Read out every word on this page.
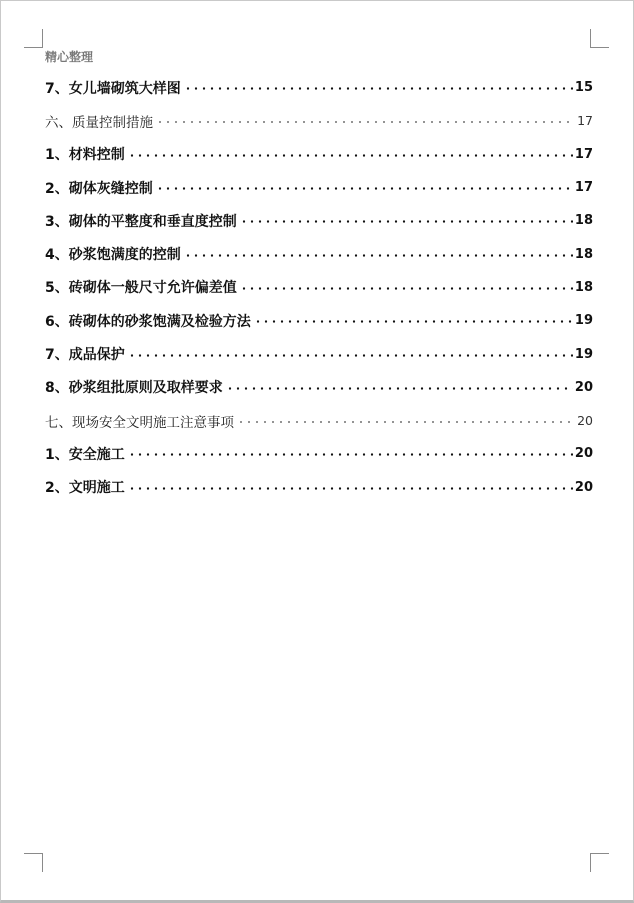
精心整理
7、女儿墙砌筑大样图	15
六、质量控制措施	17
1、材料控制	17
2、砌体灰缝控制	17
3、砌体的平整度和垂直度控制	18
4、砂浆饱满度的控制	18
5、砖砌体一般尺寸允许偏差值	18
6、砖砌体的砂浆饱满及检验方法	19
7、成品保护	19
8、砂浆组批原则及取样要求	20
七、现场安全文明施工注意事项	20
1、安全施工	20
2、文明施工	20
